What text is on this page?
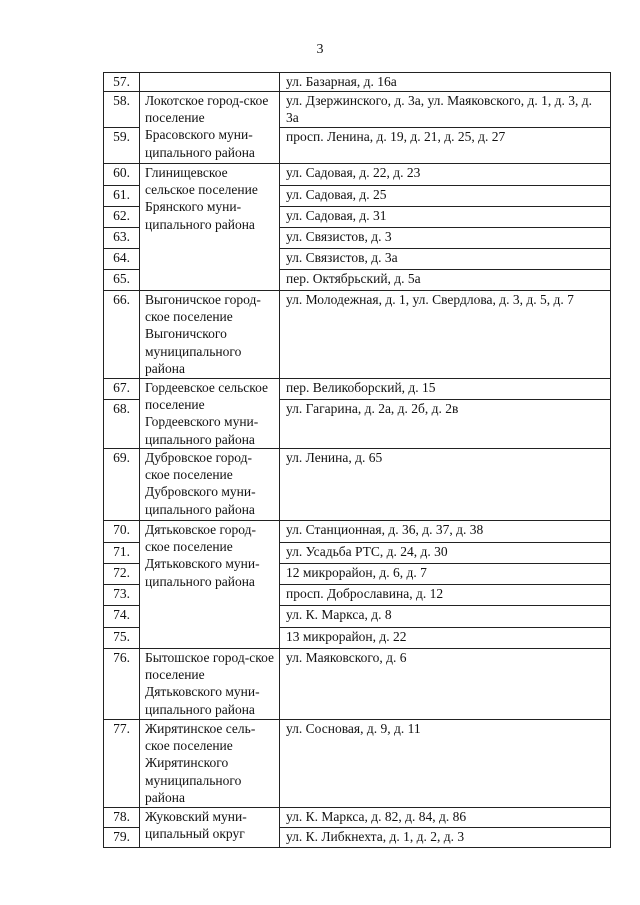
3
57.		ул. Базарная, д. 16а
58.	Локотское город-ское поселение Брасовского муни-ципального района	ул. Дзержинского, д. 3а, ул. Маяковского, д. 1, д. 3, д. 3а
59.		просп. Ленина, д. 19, д. 21, д. 25, д. 27
60.	Глинищевское сельское поселение Брянского муни-ципального района	ул. Садовая, д. 22, д. 23
61.		ул. Садовая, д. 25
62.		ул. Садовая, д. 31
63.		ул. Связистов, д. 3
64.		ул. Связистов, д. 3а
65.		пер. Октябрьский, д. 5а
66.	Выгоничское город-ское поселение Выгоничского муниципального района	ул. Молодежная, д. 1, ул. Свердлова, д. 3, д. 5, д. 7
67.	Гордеевское сельское поселение Гордеевского муни-ципального района	пер. Великоборский, д. 15
68.		ул. Гагарина, д. 2а, д. 2б, д. 2в
69.	Дубровское город-ское поселение Дубровского муни-ципального района	ул. Ленина, д. 65
70.	Дятьковское город-ское поселение Дятьковского муни-ципального района	ул. Станционная, д. 36, д. 37, д. 38
71.		ул. Усадьба РТС, д. 24, д. 30
72.		12 микрорайон, д. 6, д. 7
73.		просп. Доброславина, д. 12
74.		ул. К. Маркса, д. 8
75.		13 микрорайон, д. 22
76.	Бытошское город-ское поселение Дятьковского муни-ципального района	ул. Маяковского, д. 6
77.	Жирятинское сель-ское поселение Жирятинского муниципального района	ул. Сосновая, д. 9, д. 11
78.	Жуковский муни-ципальный округ	ул. К. Маркса, д. 82, д. 84, д. 86
79.		ул. К. Либкнехта, д. 1, д. 2, д. 3
